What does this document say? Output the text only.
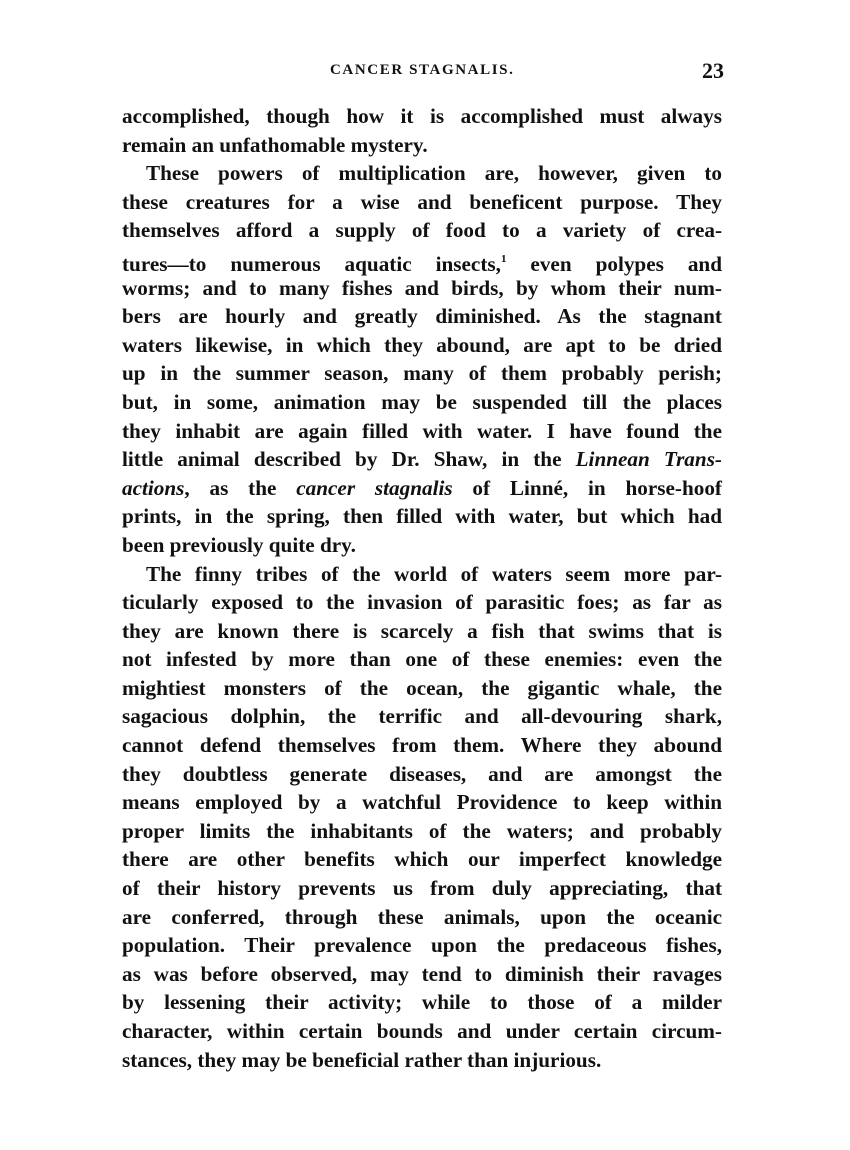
CANCER STAGNALIS.	23
accomplished, though how it is accomplished must always
remain an unfathomable mystery.
These powers of multiplication are, however, given to
these creatures for a wise and beneficent purpose. They
themselves afford a supply of food to a variety of crea-
tures—to numerous aquatic insects,$^1$ even polypes and
worms; and to many fishes and birds, by whom their num-
bers are hourly and greatly diminished. As the stagnant
waters likewise, in which they abound, are apt to be dried
up in the summer season, many of them probably perish;
but, in some, animation may be suspended till the places
they inhabit are again filled with water. I have found the
little animal described by Dr. Shaw, in the Linnean Trans-
actions, as the cancer stagnalis of Linné, in horse-hoof
prints, in the spring, then filled with water, but which had
been previously quite dry.
The finny tribes of the world of waters seem more par-
ticularly exposed to the invasion of parasitic foes; as far as
they are known there is scarcely a fish that swims that is
not infested by more than one of these enemies: even the
mightiest monsters of the ocean, the gigantic whale, the
sagacious dolphin, the terrific and all-devouring shark,
cannot defend themselves from them. Where they abound
they doubtless generate diseases, and are amongst the
means employed by a watchful Providence to keep within
proper limits the inhabitants of the waters; and probably
there are other benefits which our imperfect knowledge
of their history prevents us from duly appreciating, that
are conferred, through these animals, upon the oceanic
population. Their prevalence upon the predaceous fishes,
as was before observed, may tend to diminish their ravages
by lessening their activity; while to those of a milder
character, within certain bounds and under certain circum-
stances, they may be beneficial rather than injurious.
